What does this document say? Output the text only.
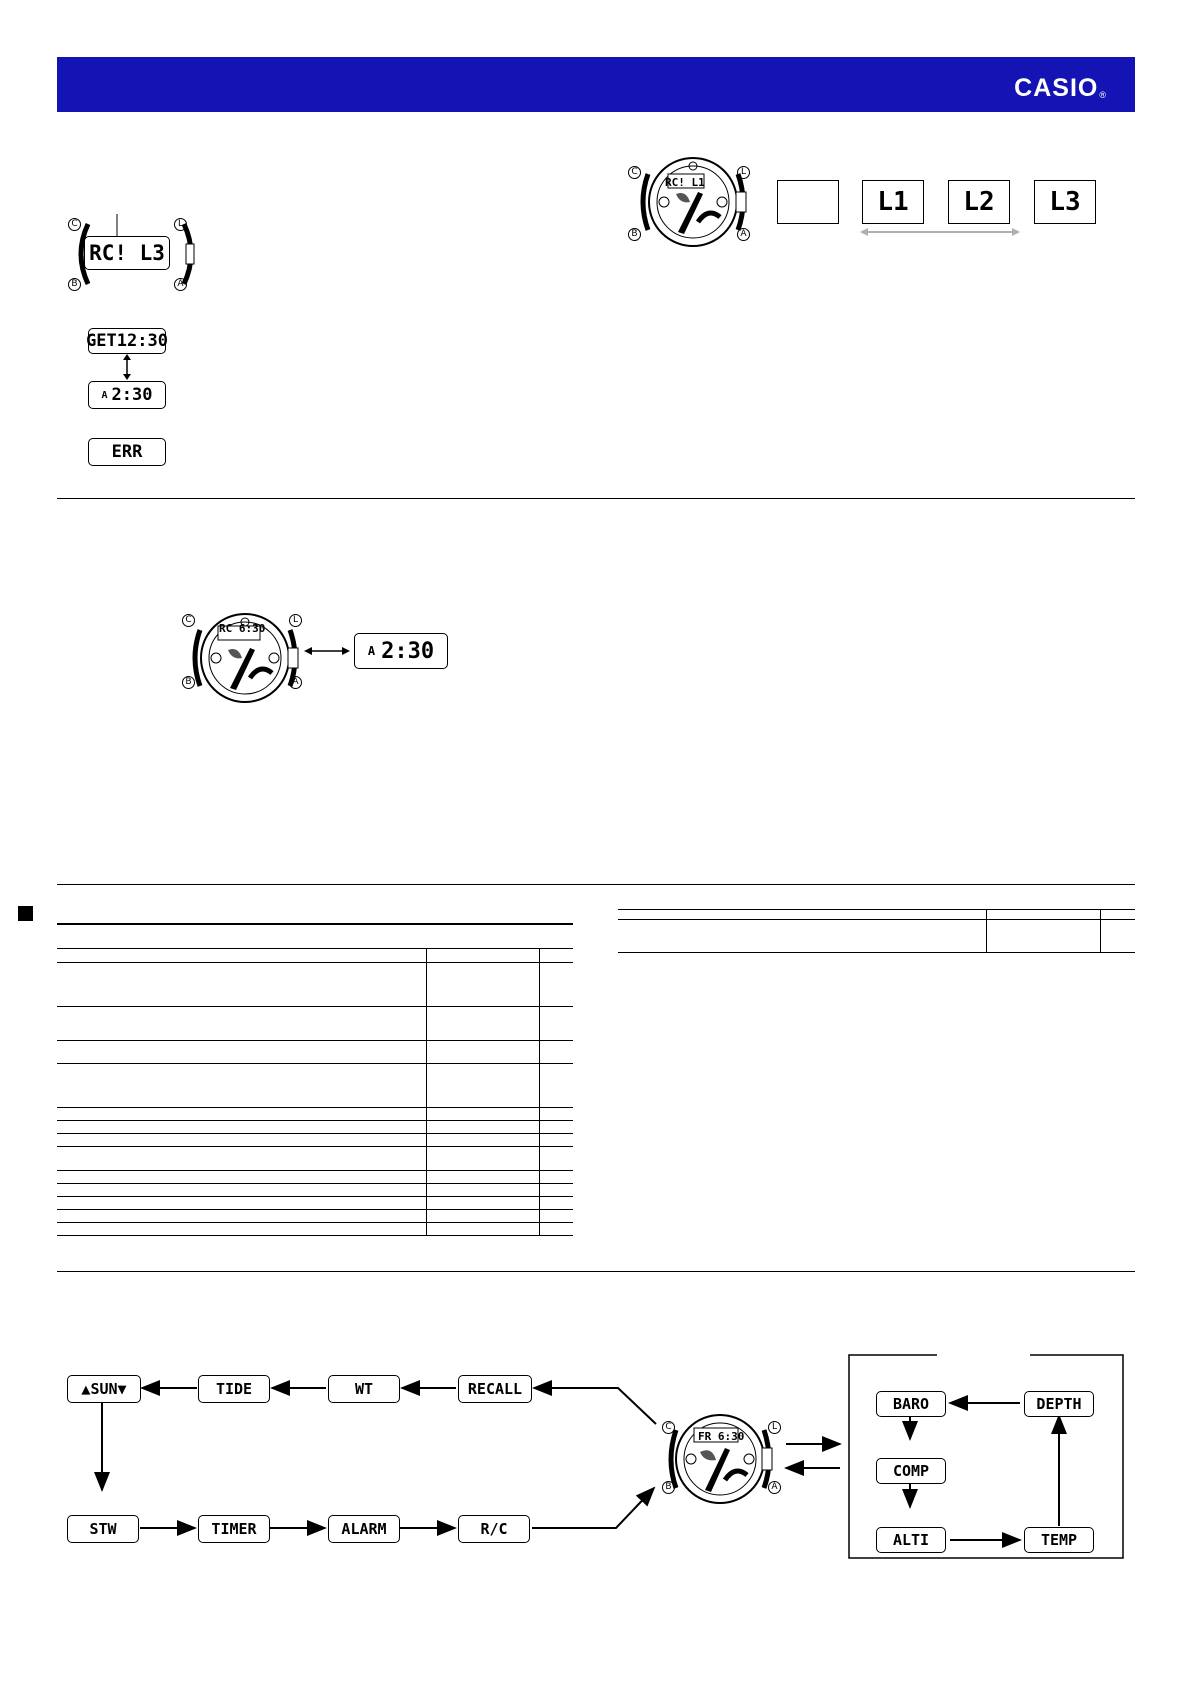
CASIO®
RC! L3
C	L
B	A
GET12:30
A 2:30
ERR
RC! L1
C	L
B	A
L1	L2	L3
RC 6:30
C	L
B	A
A 2:30

▲SUN▼	TIDE	WT	RECALL
STW	TIMER	ALARM	R/C
BARO	DEPTH
COMP
ALTI	TEMP
FR 6:30
C	L
B	A
